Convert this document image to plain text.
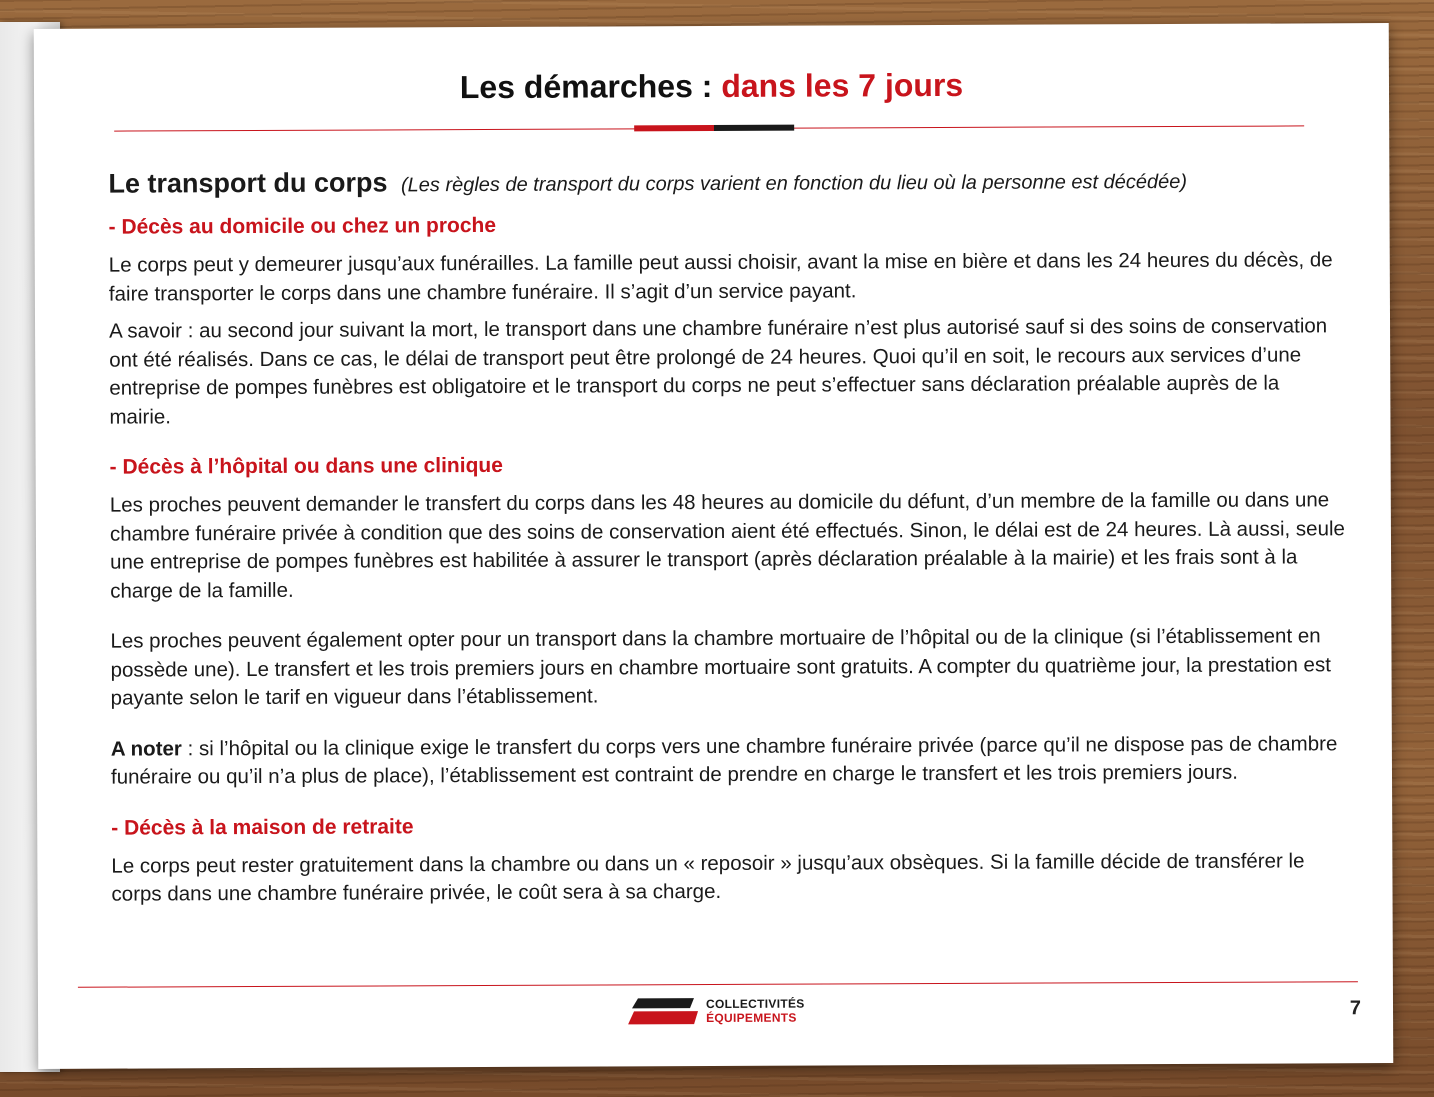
Les démarches : dans les 7 jours
Le transport du corps (Les règles de transport du corps varient en fonction du lieu où la personne est décédée)
- Décès au domicile ou chez un proche

Le corps peut y demeurer jusqu’aux funérailles. La famille peut aussi choisir, avant la mise en bière et dans les 24 heures du décès, de faire transporter le corps dans une chambre funéraire. Il s’agit d’un service payant.

A savoir : au second jour suivant la mort, le transport dans une chambre funéraire n’est plus autorisé sauf si des soins de conservation ont été réalisés. Dans ce cas, le délai de transport peut être prolongé de 24 heures. Quoi qu’il en soit, le recours aux services d’une entreprise de pompes funèbres est obligatoire et le transport du corps ne peut s’effectuer sans déclaration préalable auprès de la mairie.

- Décès à l’hôpital ou dans une clinique

Les proches peuvent demander le transfert du corps dans les 48 heures au domicile du défunt, d’un membre de la famille ou dans une chambre funéraire privée à condition que des soins de conservation aient été effectués. Sinon, le délai est de 24 heures. Là aussi, seule une entreprise de pompes funèbres est habilitée à assurer le transport (après déclaration préalable à la mairie) et les frais sont à la charge de la famille.

Les proches peuvent également opter pour un transport dans la chambre mortuaire de l’hôpital ou de la clinique (si l’établissement en possède une). Le transfert et les trois premiers jours en chambre mortuaire sont gratuits. A compter du quatrième jour, la prestation est payante selon le tarif en vigueur dans l’établissement.

A noter : si l’hôpital ou la clinique exige le transfert du corps vers une chambre funéraire privée (parce qu’il ne dispose pas de chambre funéraire ou qu’il n’a plus de place), l’établissement est contraint de prendre en charge le transfert et les trois premiers jours.

- Décès à la maison de retraite

Le corps peut rester gratuitement dans la chambre ou dans un « reposoir » jusqu’aux obsèques. Si la famille décide de transférer le corps dans une chambre funéraire privée, le coût sera à sa charge.

COLLECTIVITÉS
ÉQUIPEMENTS	7
